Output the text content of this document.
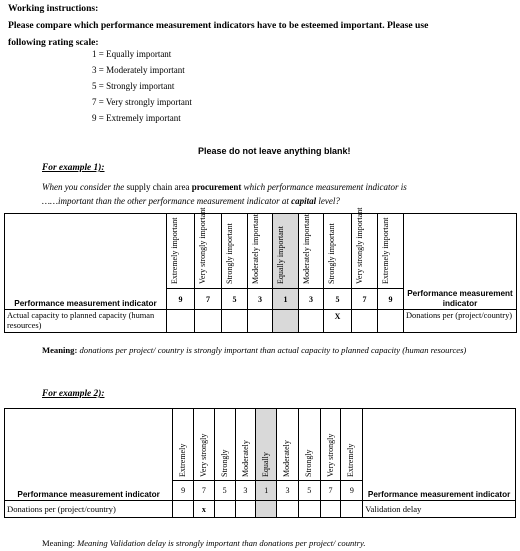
Working instructions:
Please compare which performance measurement indicators have to be esteemed important. Please use
following rating scale:
1 = Equally important
3 = Moderately important
5 = Strongly important
7 = Very strongly important
9 = Extremely important
Please do not leave anything blank!
For example 1):
When you consider the supply chain area procurement which performance measurement indicator is
……important than the other performance measurement indicator at capital level?
Performance measurement indicator	Extremely important	Very strongly important	Strongly important	Moderately important	Equally important	Moderately important	Strongly important	Very strongly important	Extremely important	Performance measurement indicator
	9	7	5	3	1	3	5	7	9	
Actual capacity to planned capacity (human resources)							X			Donations per (project/country)
Meaning: donations per project/ country is strongly important than actual capacity to planned capacity (human resources)
For example 2):
Performance measurement indicator	Extremely	Very strongly	Strongly	Moderately	Equally	Moderately	Strongly	Very strongly	Extremely	Performance measurement indicator
	9	7	5	3	1	3	5	7	9	
Donations per (project/country)		x								Validation delay
Meaning: Meaning Validation delay is strongly important than donations per project/ country.
